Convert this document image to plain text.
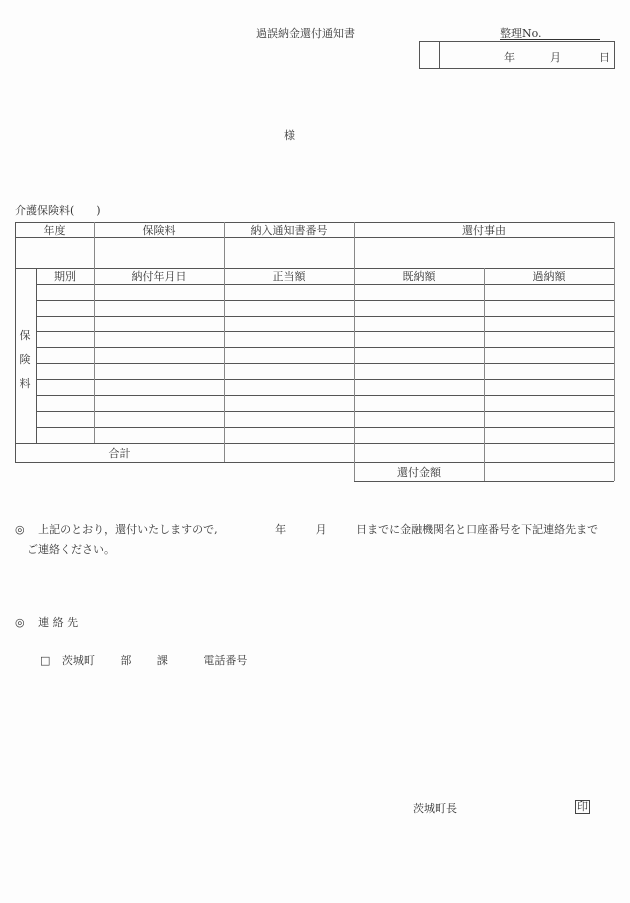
過誤納金還付通知書	整理No.
年	月	日
様
介護保険料(　　)
年度	保険料	納入通知書番号	還付事由
期別	納付年月日	正当額	既納額	過納額
保
険
料
合計
還付金額
◎ 上記のとおり，還付いたしますので,	年	月	日までに金融機関名と口座番号を下記連絡先まで
ご連絡ください。
◎ 連 絡 先
□ 茨城町 部 課	電話番号
茨城町長	印
